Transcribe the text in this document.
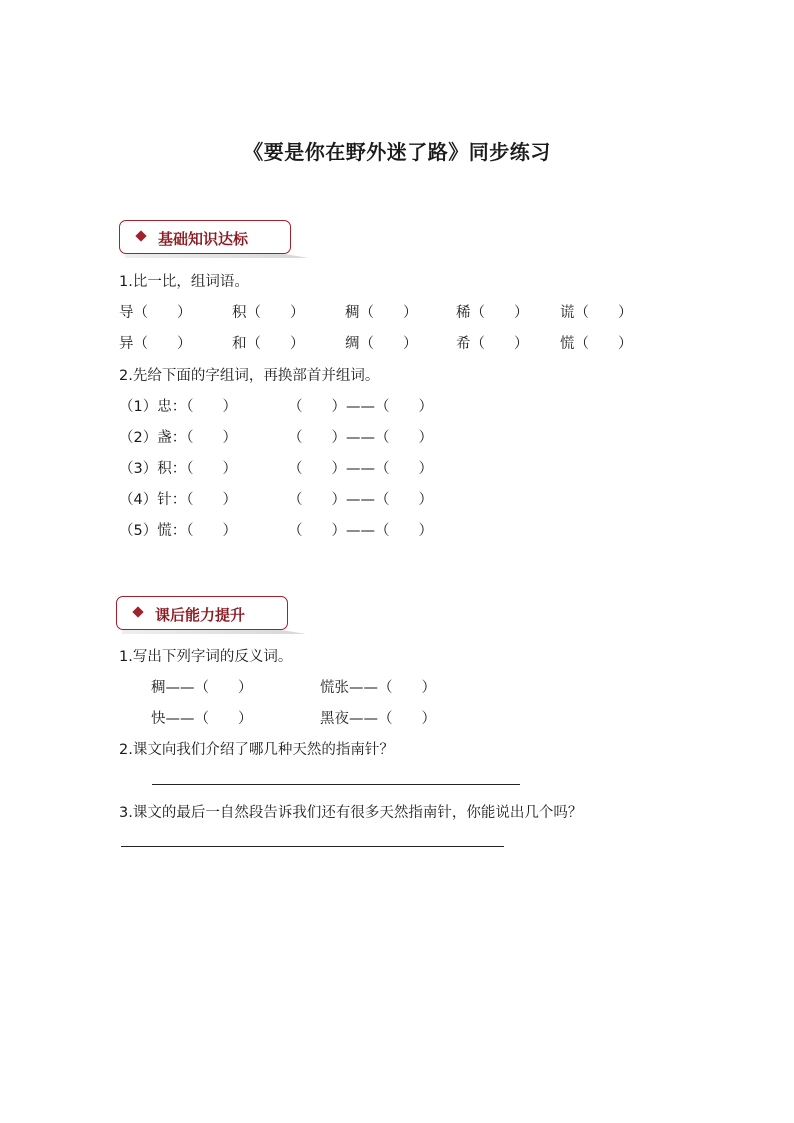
《要是你在野外迷了路》同步练习
基础知识达标
1.比一比，组词语。
导（　　）	积（　　）	稠（　　）	稀（　　） 谎（　　）
异（　　）	和（　　）	绸（　　）	希（　　） 慌（　　）
2.先给下面的字组词，再换部首并组词。
（1）忠：（　　）	（　　）——（　　）
（2）盏：（　　）	（　　）——（　　）
（3）积：（　　）	（　　）——（　　）
（4）针：（　　）	（　　）——（　　）
（5）慌：（　　）	（　　）——（　　）
课后能力提升
1.写出下列字词的反义词。
稠——（　　）	慌张——（　　）
快——（　　）	黑夜——（　　）
2.课文向我们介绍了哪几种天然的指南针？
3.课文的最后一自然段告诉我们还有很多天然指南针，你能说出几个吗？
